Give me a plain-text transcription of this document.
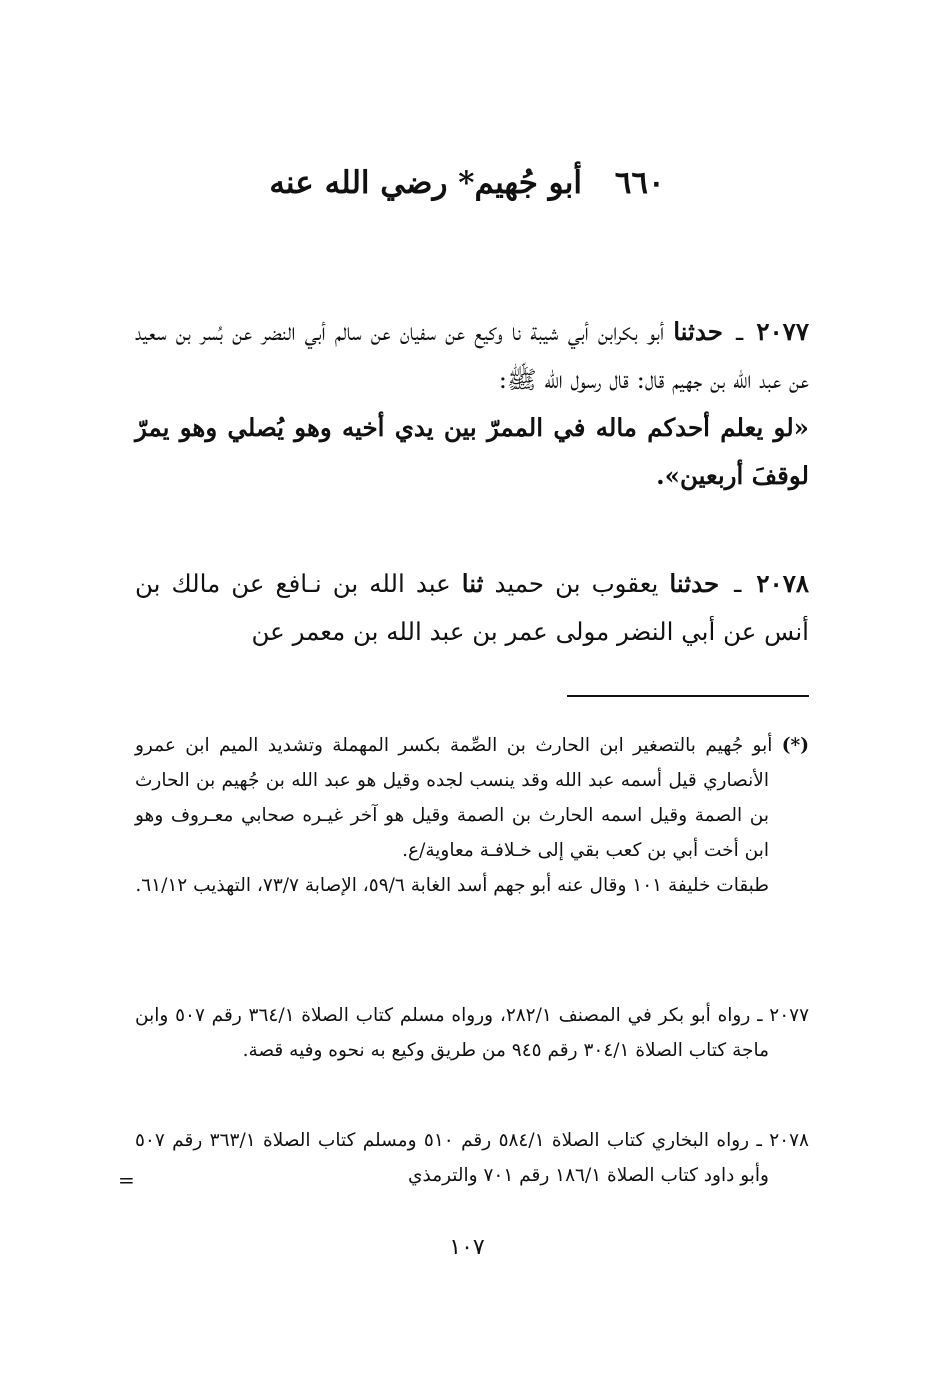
٦٦٠ أبو جُهيم* رضي الله عنه
٢٠٧٧ ـ حدثنا أبو بكرابن أبي شيبة نا وكيع عن سفيان عن سالم أبي النضر عن بُسر بن سعيد عن عبد الله بن جهيم قال: قال رسول الله ﷺ:
«لو يعلم أحدكم ماله في الممرّ بين يدي أخيه وهو يُصلي وهو يمرّ لوقفَ أربعين».
٢٠٧٨ ـ حدثنا يعقوب بن حميد ثنا عبد الله بن نـافع عن مالك بن أنس عن أبي النضر مولى عمر بن عبد الله بن معمر عن
(*) أبو جُهيم بالتصغير ابن الحارث بن الصِّمة بكسر المهملة وتشديد الميم ابن عمرو الأنصاري قيل أسمه عبد الله وقد ينسب لجده وقيل هو عبد الله بن جُهيم بن الحارث بن الصمة وقيل اسمه الحارث بن الصمة وقيل هو آخر غيـره صحابي معـروف وهو ابن أخت أبي بن كعب بقي إلى خـلافـة معاوية/ع.
طبقات خليفة ١٠١ وقال عنه أبو جهم أسد الغابة ٥٩/٦، الإصابة ٧٣/٧، التهذيب ٦١/١٢.
٢٠٧٧ ـ رواه أبو بكر في المصنف ٢٨٢/١، ورواه مسلم كتاب الصلاة ٣٦٤/١ رقم ٥٠٧ وابن ماجة كتاب الصلاة ٣٠٤/١ رقم ٩٤٥ من طريق وكيع به نحوه وفيه قصة.
٢٠٧٨ ـ رواه البخاري كتاب الصلاة ٥٨٤/١ رقم ٥١٠ ومسلم كتاب الصلاة ٣٦٣/١ رقم ٥٠٧ وأبو داود كتاب الصلاة ١٨٦/١ رقم ٧٠١ والترمذي
=
١٠٧
